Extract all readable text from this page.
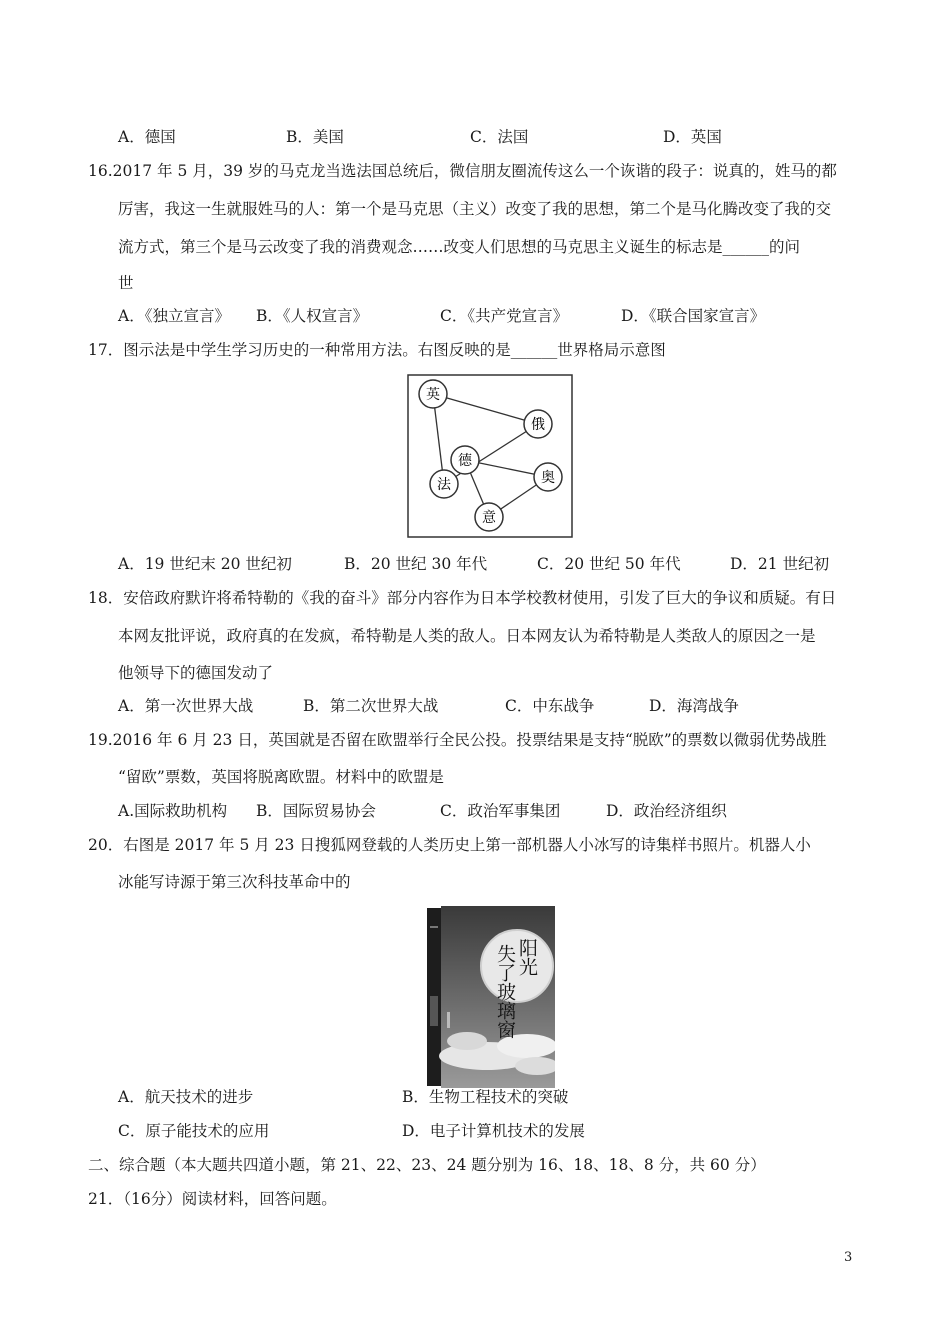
A．德国	B．美国	C．法国	D．英国
16.2017 年 5 月，39 岁的马克龙当选法国总统后，微信朋友圈流传这么一个诙谐的段子：说真的，姓马的都
厉害，我这一生就服姓马的人：第一个是马克思（主义）改变了我的思想，第二个是马化腾改变了我的交
流方式，第三个是马云改变了我的消费观念……改变人们思想的马克思主义诞生的标志是______的问
世
A．《独立宣言》 B．《人权宣言》	C．《共产党宣言》	D．《联合国家宣言》
17．图示法是中学生学习历史的一种常用方法。右图反映的是______世界格局示意图
英
俄
德
奥
法
意
A．19 世纪末 20 世纪初	B．20 世纪 30 年代	C．20 世纪 50 年代	D．21 世纪初
18．安倍政府默许将希特勒的《我的奋斗》部分内容作为日本学校教材使用，引发了巨大的争议和质疑。有日
本网友批评说，政府真的在发疯，希特勒是人类的敌人。日本网友认为希特勒是人类敌人的原因之一是
他领导下的德国发动了
A．第一次世界大战	B．第二次世界大战	C．中东战争	D．海湾战争
19.2016 年 6 月 23 日，英国就是否留在欧盟举行全民公投。投票结果是支持“脱欧”的票数以微弱优势战胜
“留欧”票数，英国将脱离欧盟。材料中的欧盟是
A.国际救助机构 B．国际贸易协会	C．政治军事集团	D．政治经济组织
20．右图是 2017 年 5 月 23 日搜狐网登载的人类历史上第一部机器人小冰写的诗集样书照片。机器人小
冰能写诗源于第三次科技革命中的
阳光
失了玻璃窗
A．航天技术的进步	B．生物工程技术的突破
C．原子能技术的应用	D．电子计算机技术的发展
二、综合题（本大题共四道小题，第 21、22、23、24 题分别为 16、18、18、8 分，共 60 分）
21．（16分）阅读材料，回答问题。
3
